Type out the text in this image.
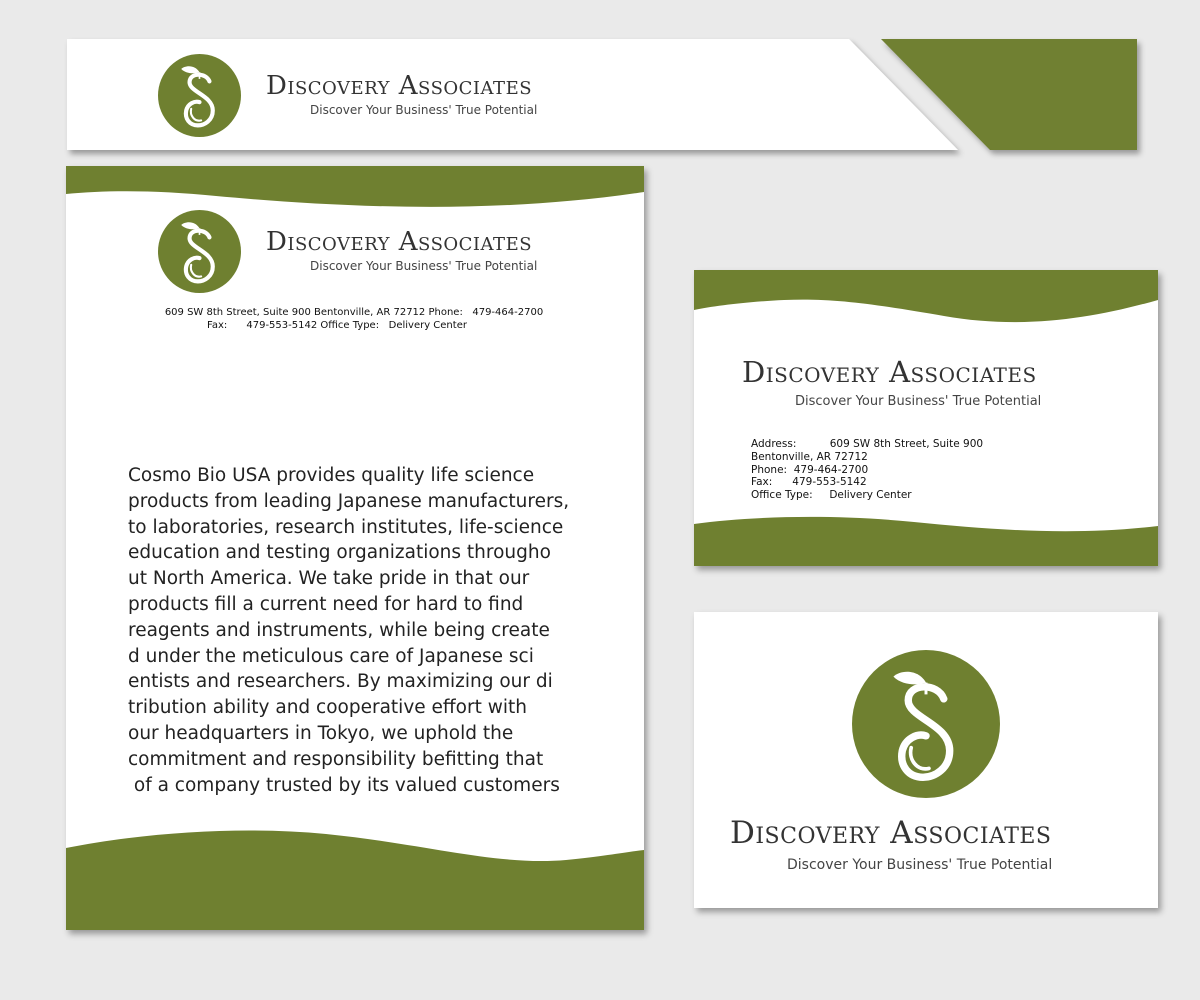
Discovery Associates
Discover Your Business' True Potential
Discovery Associates
Discover Your Business' True Potential
609 SW 8th Street, Suite 900 Bentonville, AR 72712 Phone:   479-464-2700
Fax:      479-553-5142 Office Type:   Delivery Center
Cosmo Bio USA provides quality life science
products from leading Japanese manufacturers,
to laboratories, research institutes, life-science
education and testing organizations througho
ut North America. We take pride in that our
products fill a current need for hard to find
reagents and instruments, while being create
d under the meticulous care of Japanese sci
entists and researchers. By maximizing our di
tribution ability and cooperative effort with
our headquarters in Tokyo, we uphold the
commitment and responsibility befitting that
of a company trusted by its valued customers
Discovery Associates
Discover Your Business' True Potential
Address:          609 SW 8th Street, Suite 900
Bentonville, AR 72712
Phone:  479-464-2700
Fax:      479-553-5142
Office Type:     Delivery Center
Discovery Associates
Discover Your Business' True Potential
